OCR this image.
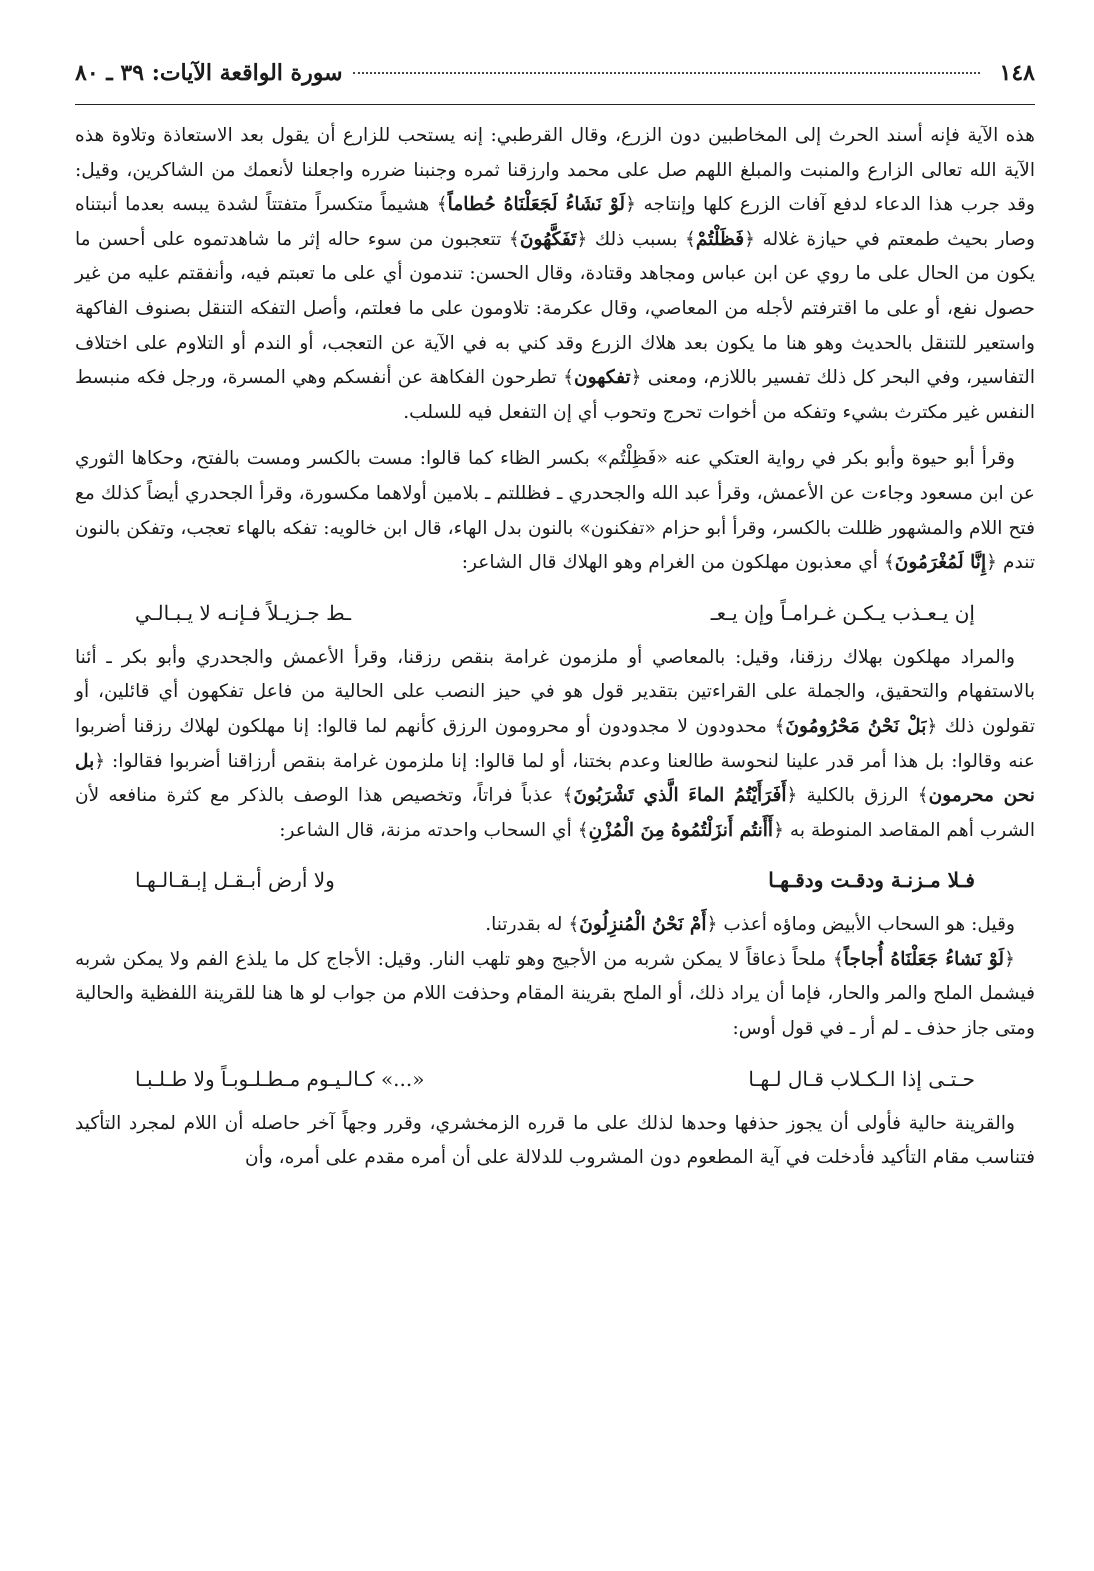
١٤٨
سورة الواقعة الآيات: ٣٩ ـ ٨٠

هذه الآية فإنه أسند الحرث إلى المخاطبين دون الزرع، وقال القرطبي: إنه يستحب للزارع أن يقول بعد الاستعاذة وتلاوة هذه الآية الله تعالى الزارع والمنبت والمبلغ اللهم صل على محمد وارزقنا ثمره وجنبنا ضرره واجعلنا لأنعمك من الشاكرين، وقيل: وقد جرب هذا الدعاء لدفع آفات الزرع كلها وإنتاجه ﴿لَوْ نَشَاءُ لَجَعَلْنَاهُ حُطاماً﴾ هشيماً متكسراً متفتتاً لشدة يبسه بعدما أنبتناه وصار بحيث طمعتم في حيازة غلاله ﴿فَظَلْتُمْ﴾ بسبب ذلك ﴿تَفَكَّهُونَ﴾ تتعجبون من سوء حاله إثر ما شاهدتموه على أحسن ما يكون من الحال على ما روي عن ابن عباس ومجاهد وقتادة، وقال الحسن: تندمون أي على ما تعبتم فيه، وأنفقتم عليه من غير حصول نفع، أو على ما اقترفتم لأجله من المعاصي، وقال عكرمة: تلاومون على ما فعلتم، وأصل التفكه التنقل بصنوف الفاكهة واستعير للتنقل بالحديث وهو هنا ما يكون بعد هلاك الزرع وقد كني به في الآية عن التعجب، أو الندم أو التلاوم على اختلاف التفاسير، وفي البحر كل ذلك تفسير باللازم، ومعنى ﴿تفكهون﴾ تطرحون الفكاهة عن أنفسكم وهي المسرة، ورجل فكه منبسط النفس غير مكترث بشيء وتفكه من أخوات تحرج وتحوب أي إن التفعل فيه للسلب.

وقرأ أبو حيوة وأبو بكر في رواية العتكي عنه «فَظِلْتُم» بكسر الظاء كما قالوا: مست بالكسر ومست بالفتح، وحكاها الثوري عن ابن مسعود وجاءت عن الأعمش، وقرأ عبد الله والجحدري ـ فظللتم ـ بلامين أولاهما مكسورة، وقرأ الجحدري أيضاً كذلك مع فتح اللام والمشهور ظللت بالكسر، وقرأ أبو حزام «تفكنون» بالنون بدل الهاء، قال ابن خالويه: تفكه بالهاء تعجب، وتفكن بالنون تندم ﴿إِنَّا لَمُغْرَمُونَ﴾ أي معذبون مهلكون من الغرام وهو الهلاك قال الشاعر:

إن يـعـذب يـكـن غـرامـاً وإن يـعـ
ـط جـزيـلاً فـإنـه لا يـبـالـي

والمراد مهلكون بهلاك رزقنا، وقيل: بالمعاصي أو ملزمون غرامة بنقص رزقنا، وقرأ الأعمش والجحدري وأبو بكر ـ أئنا بالاستفهام والتحقيق، والجملة على القراءتين بتقدير قول هو في حيز النصب على الحالية من فاعل تفكهون أي قائلين، أو تقولون ذلك ﴿بَلْ نَحْنُ مَحْرُومُونَ﴾ محدودون لا مجدودون أو محرومون الرزق كأنهم لما قالوا: إنا مهلكون لهلاك رزقنا أضربوا عنه وقالوا: بل هذا أمر قدر علينا لنحوسة طالعنا وعدم بختنا، أو لما قالوا: إنا ملزمون غرامة بنقص أرزاقنا أضربوا فقالوا: ﴿بل نحن محرمون﴾ الرزق بالكلية ﴿أَفَرَأَيْتُمُ الماءَ الَّذي تَشْرَبُونَ﴾ عذباً فراتاً، وتخصيص هذا الوصف بالذكر مع كثرة منافعه لأن الشرب أهم المقاصد المنوطة به ﴿أَأَنتُم أَنزَلْتُمُوهُ مِنَ الْمُزْنِ﴾ أي السحاب واحدته مزنة، قال الشاعر:

فـلا مـزنـة ودقـت ودقـهـا
ولا أرض أبـقـل إبـقـالـهـا

وقيل: هو السحاب الأبيض وماؤه أعذب ﴿أَمْ نَحْنُ الْمُنزِلُونَ﴾ له بقدرتنا.

﴿لَوْ نَشاءُ جَعَلْنَاهُ أُجاجاً﴾ ملحاً ذعاقاً لا يمكن شربه من الأجيج وهو تلهب النار. وقيل: الأجاج كل ما يلذع الفم ولا يمكن شربه فيشمل الملح والمر والحار، فإما أن يراد ذلك، أو الملح بقرينة المقام وحذفت اللام من جواب لو ها هنا للقرينة اللفظية والحالية ومتى جاز حذف ـ لم أر ـ في قول أوس:

حـتـى إذا الـكـلاب قـال لـهـا
«...» كـالـيـوم مـطـلـوبـاً ولا طـلـبـا

والقرينة حالية فأولى أن يجوز حذفها وحدها لذلك على ما قرره الزمخشري، وقرر وجهاً آخر حاصله أن اللام لمجرد التأكيد فتناسب مقام التأكيد فأدخلت في آية المطعوم دون المشروب للدلالة على أن أمره مقدم على أمره، وأن
